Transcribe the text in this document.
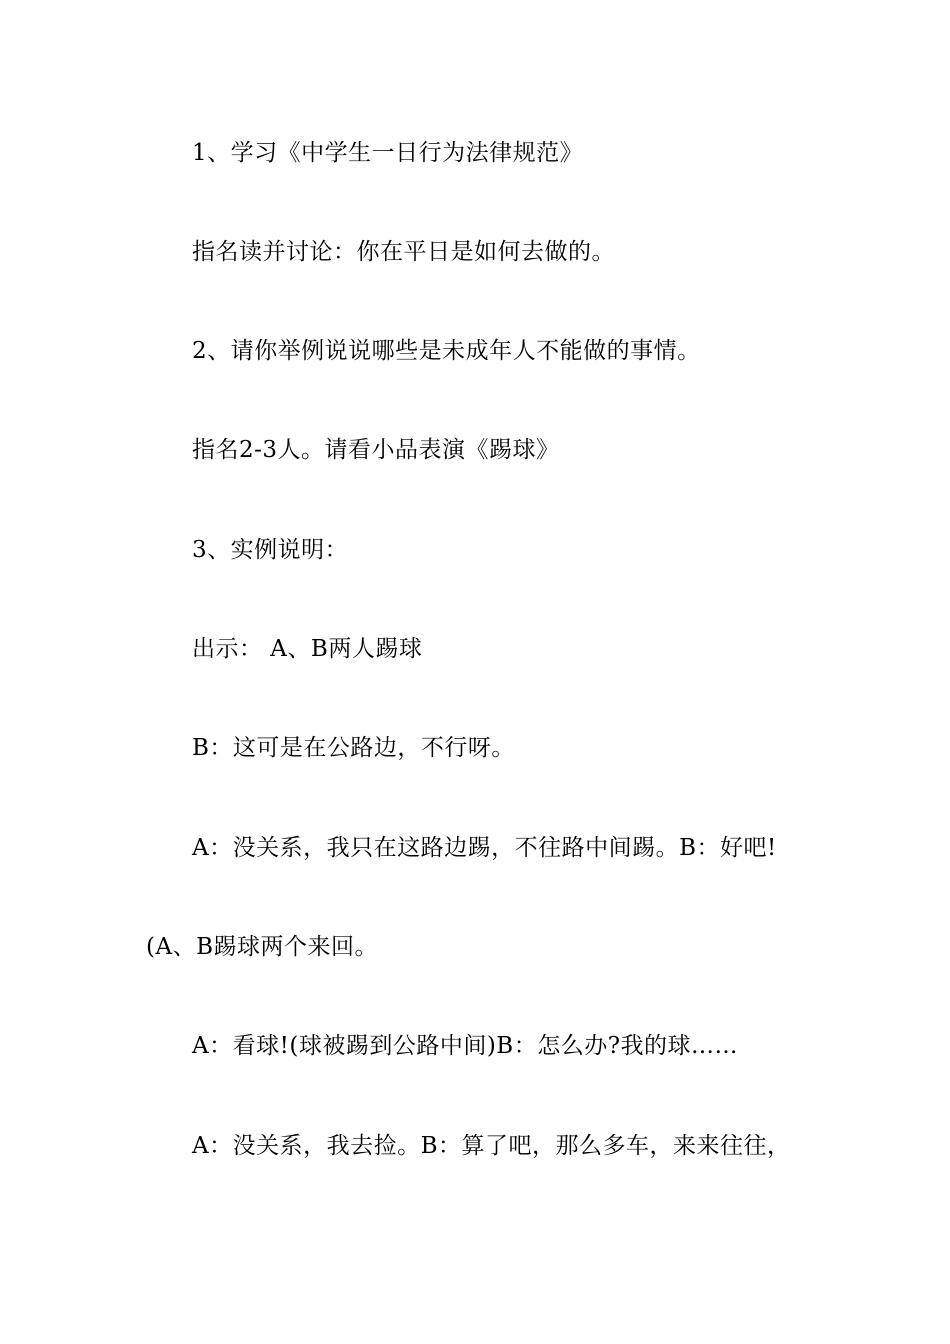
1、学习《中学生一日行为法律规范》
指名读并讨论：你在平日是如何去做的。
2、请你举例说说哪些是未成年人不能做的事情。
指名2-3人。请看小品表演《踢球》
3、实例说明：
出示： A、B两人踢球
B：这可是在公路边，不行呀。
A：没关系，我只在这路边踢，不往路中间踢。B：好吧!
(A、B踢球两个来回。
A：看球!(球被踢到公路中间)B：怎么办?我的球……
A：没关系，我去捡。B：算了吧，那么多车，来来往往，
